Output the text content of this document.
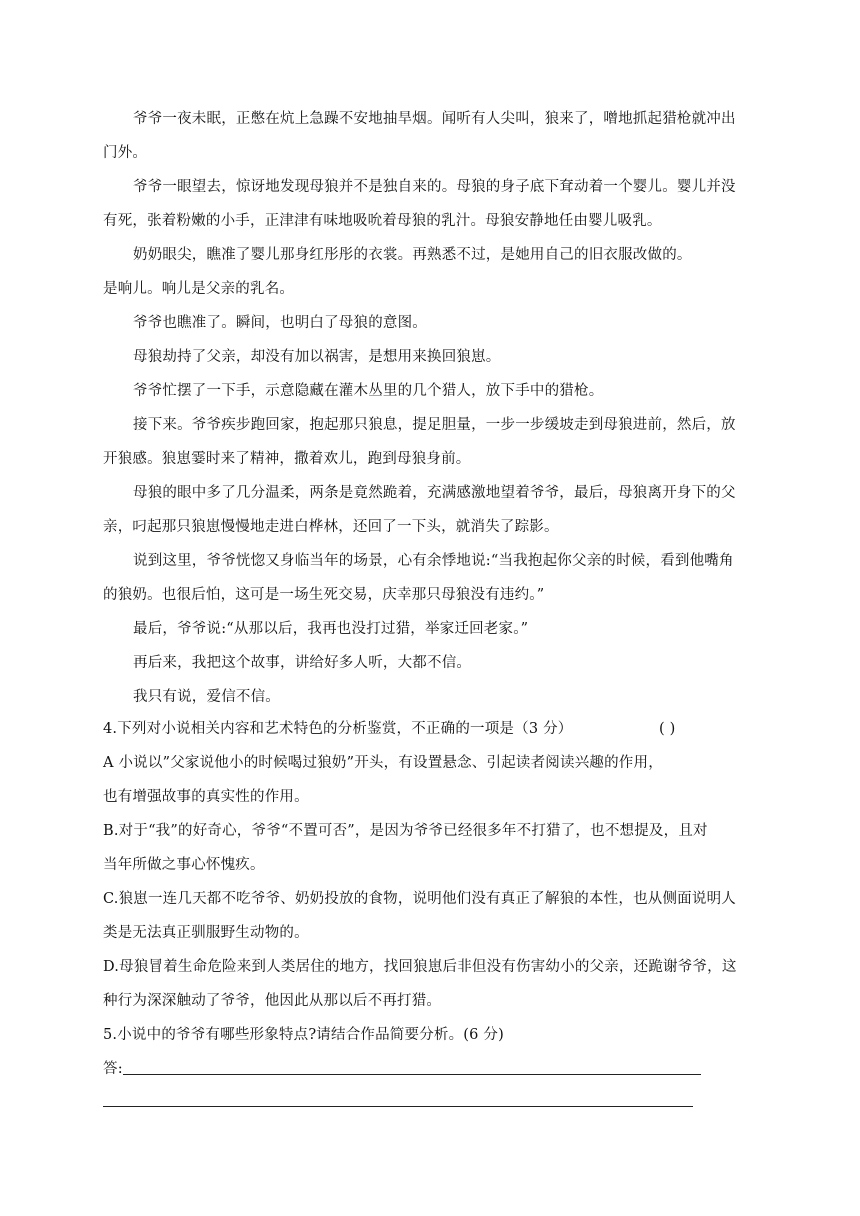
爷爷一夜未眠，正憋在炕上急躁不安地抽旱烟。闻听有人尖叫，狼来了，噌地抓起猎枪就冲出
门外。
爷爷一眼望去，惊讶地发现母狼并不是独自来的。母狼的身子底下耷动着一个婴儿。婴儿并没
有死，张着粉嫩的小手，正津津有味地吸吮着母狼的乳汁。母狼安静地任由婴儿吸乳。
奶奶眼尖，瞧准了婴儿那身红彤彤的衣裳。再熟悉不过，是她用自己的旧衣服改做的。
是响儿。响儿是父亲的乳名。
爷爷也瞧准了。瞬间，也明白了母狼的意图。
母狼劫持了父亲，却没有加以祸害，是想用来换回狼崽。
爷爷忙摆了一下手，示意隐藏在灌木丛里的几个猎人，放下手中的猎枪。
接下来。爷爷疾步跑回家，抱起那只狼息，提足胆量，一步一步缓坡走到母狼进前，然后，放
开狼感。狼崽霎时来了精神，撒着欢儿，跑到母狼身前。
母狼的眼中多了几分温柔，两条是竟然跪着，充满感激地望着爷爷，最后，母狼离开身下的父
亲，叼起那只狼崽慢慢地走进白桦林，还回了一下头，就消失了踪影。
说到这里，爷爷恍惚又身临当年的场景，心有余悸地说:“当我抱起你父亲的时候，看到他嘴角
的狼奶。也很后怕，这可是一场生死交易，庆幸那只母狼没有违约。”
最后，爷爷说:“从那以后，我再也没打过猎，举家迁回老家。”
再后来，我把这个故事，讲给好多人听，大都不信。
我只有说，爱信不信。
4.下列对小说相关内容和艺术特色的分析鉴赏，不正确的一项是（3 分）	( )
A 小说以”父家说他小的时候喝过狼奶”开头，有设置悬念、引起读者阅读兴趣的作用，
也有增强故事的真实性的作用。
B.对于“我”的好奇心，爷爷“不置可否”，是因为爷爷已经很多年不打猎了，也不想提及，且对
当年所做之事心怀愧疚。
C.狼崽一连几天都不吃爷爷、奶奶投放的食物，说明他们没有真正了解狼的本性，也从侧面说明人
类是无法真正驯服野生动物的。
D.母狼冒着生命危险来到人类居住的地方，找回狼崽后非但没有伤害幼小的父亲，还跪谢爷爷，这
种行为深深触动了爷爷，他因此从那以后不再打猎。
5.小说中的爷爷有哪些形象特点?请结合作品简要分析。(6 分)
答:
